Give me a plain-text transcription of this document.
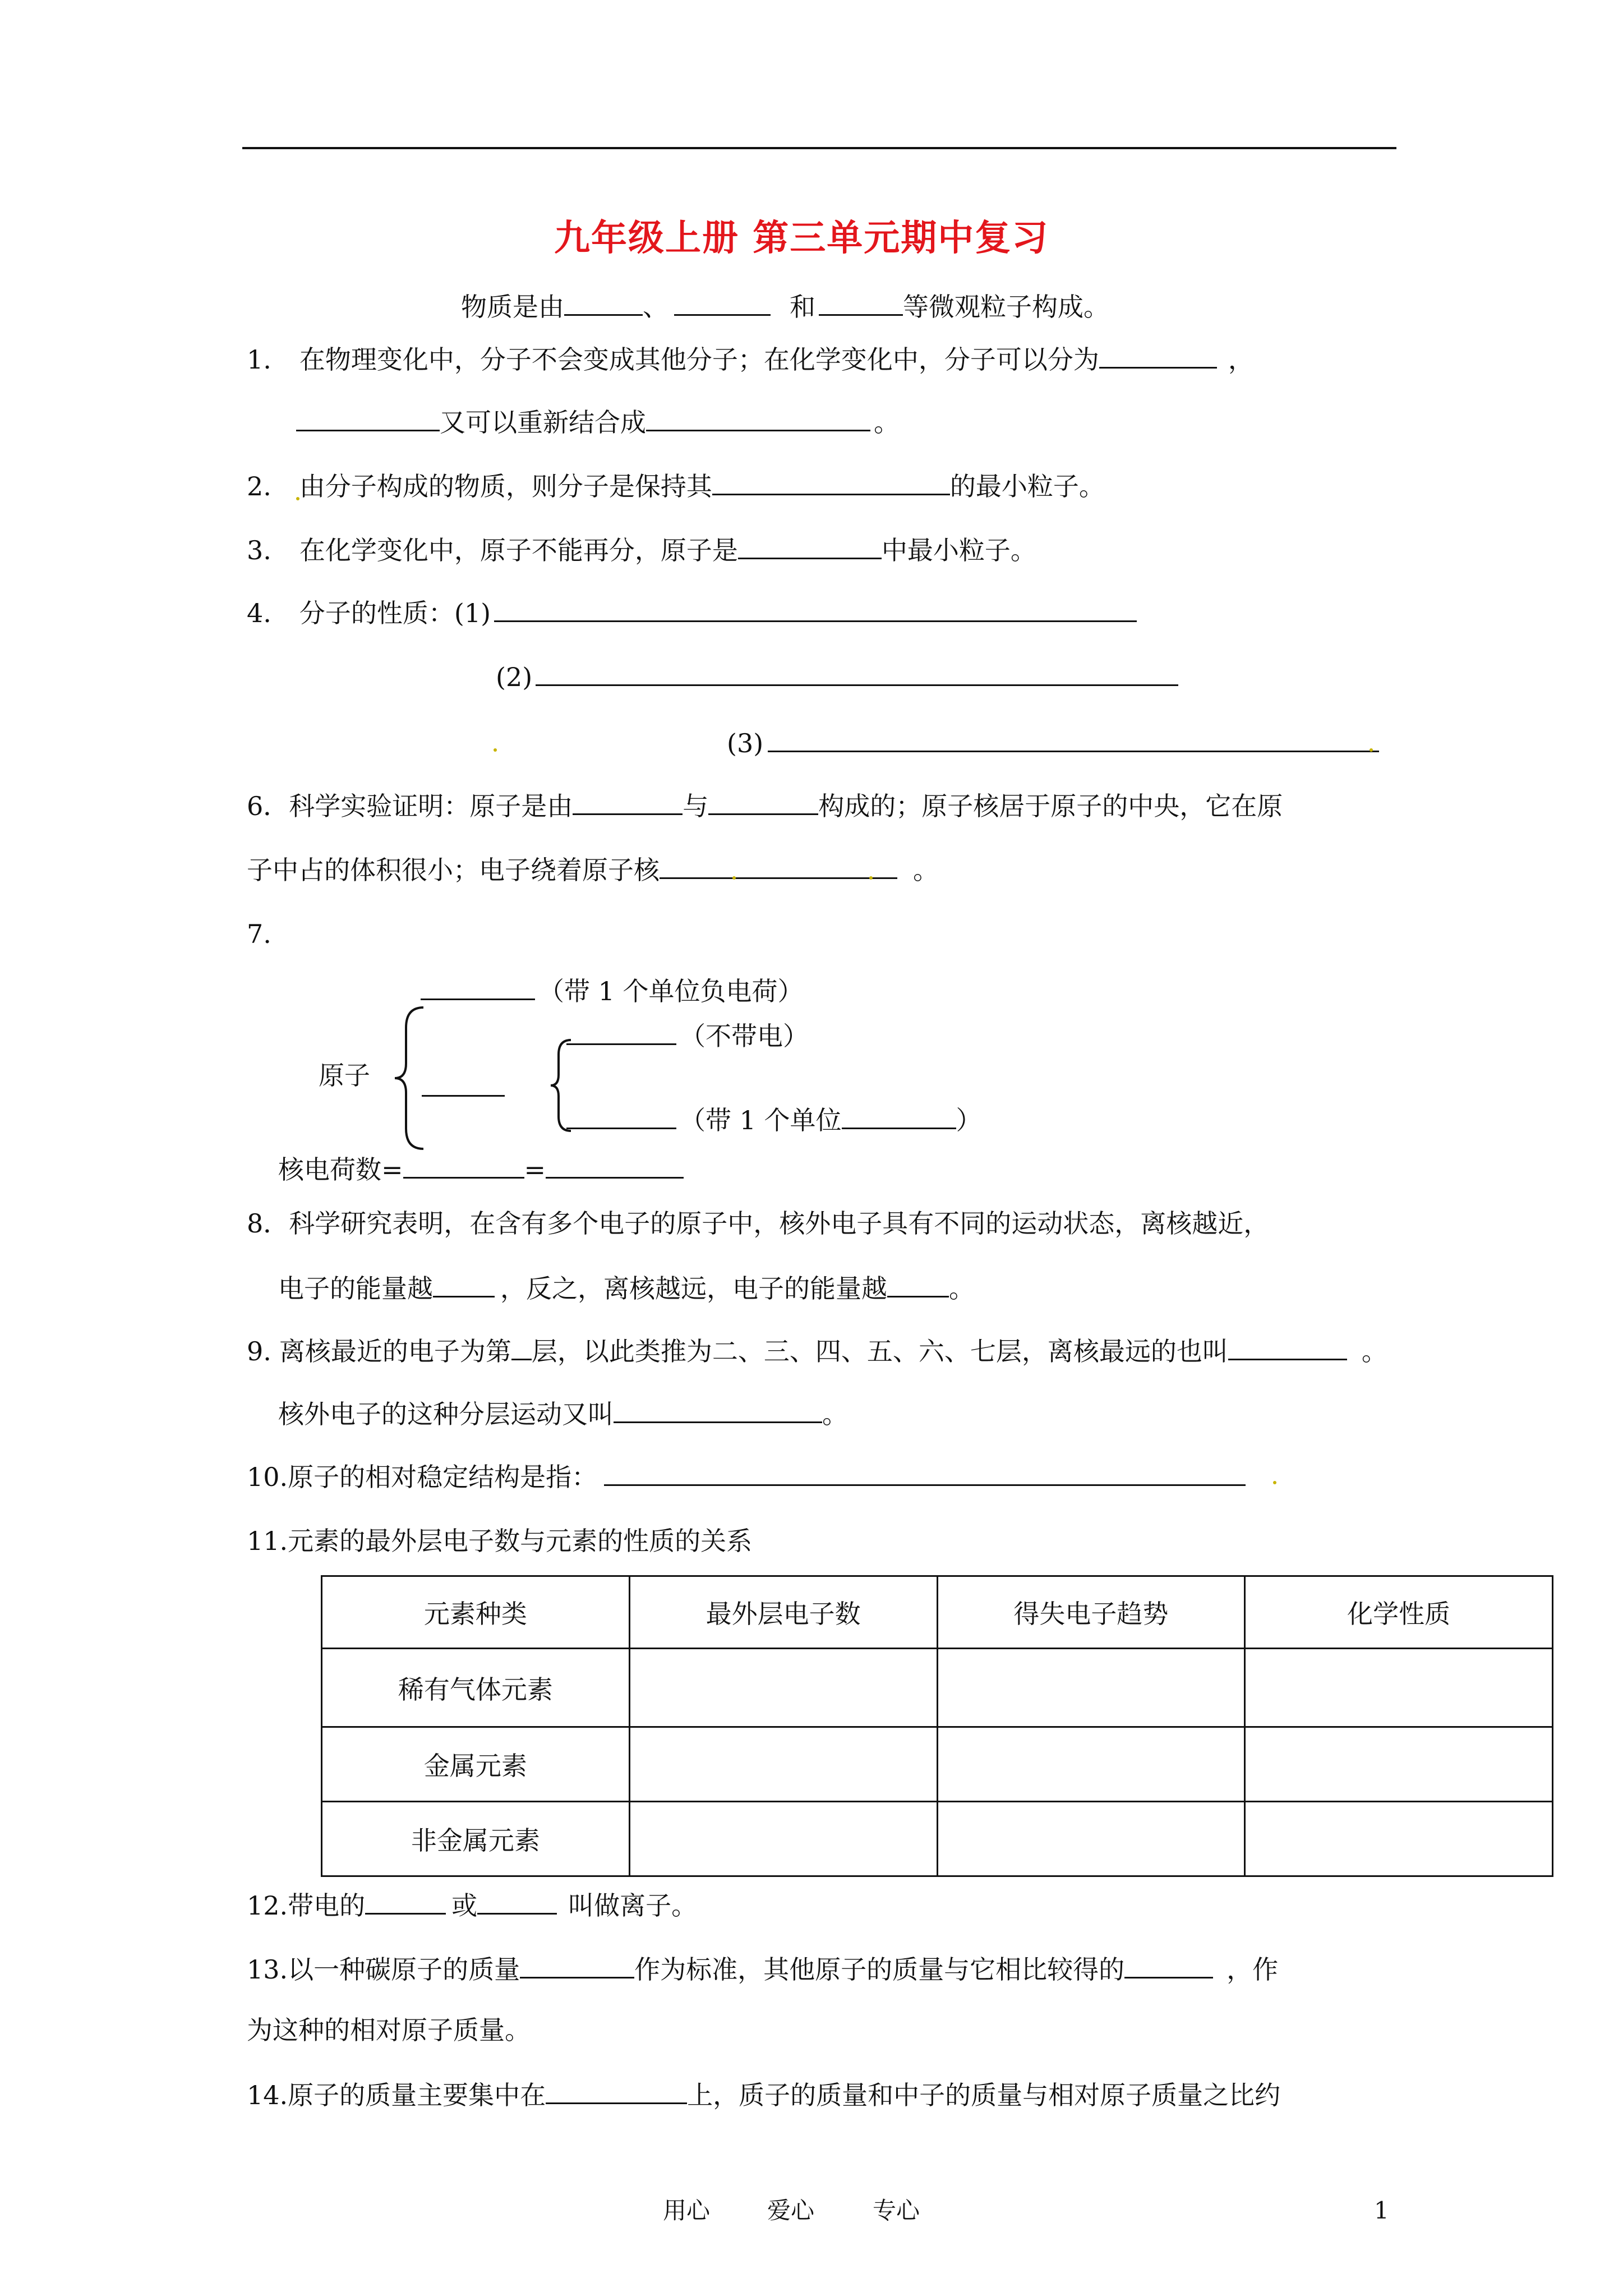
九年级上册 第三单元期中复习
物质是由	、	和	等微观粒子构成。
1. 在物理变化中，分子不会变成其他分子；在化学变化中，分子可以分为	，
又可以重新结合成	。
2. 由分子构成的物质，则分子是保持其	的最小粒子。
3. 在化学变化中，原子不能再分，原子是	中最小粒子。
4. 分子的性质：(1)
(2)
(3)
6．科学实验证明：原子是由	与	构成的；原子核居于原子的中央，它在原
子中占的体积很小；电子绕着原子核	。
7.
（带 1 个单位负电荷）
原子
（不带电）
（带 1 个单位	）
核电荷数=	=
8．科学研究表明，在含有多个电子的原子中，核外电子具有不同的运动状态，离核越近，
电子的能量越	，反之，离核越远，电子的能量越 。
9. 离核最近的电子为第 层，以此类推为二、三、四、五、六、七层，离核最远的也叫	。
核外电子的这种分层运动又叫	。
10.原子的相对稳定结构是指：
11.元素的最外层电子数与元素的性质的关系
元素种类	最外层电子数	得失电子趋势	化学性质
稀有气体元素			
金属元素			
非金属元素			
12.带电的	或	叫做离子。
13.以一种碳原子的质量	作为标准，其他原子的质量与它相比较得的	，作
为这种的相对原子质量。
14.原子的质量主要集中在	上，质子的质量和中子的质量与相对原子质量之比约
用心 爱心 专心	1
